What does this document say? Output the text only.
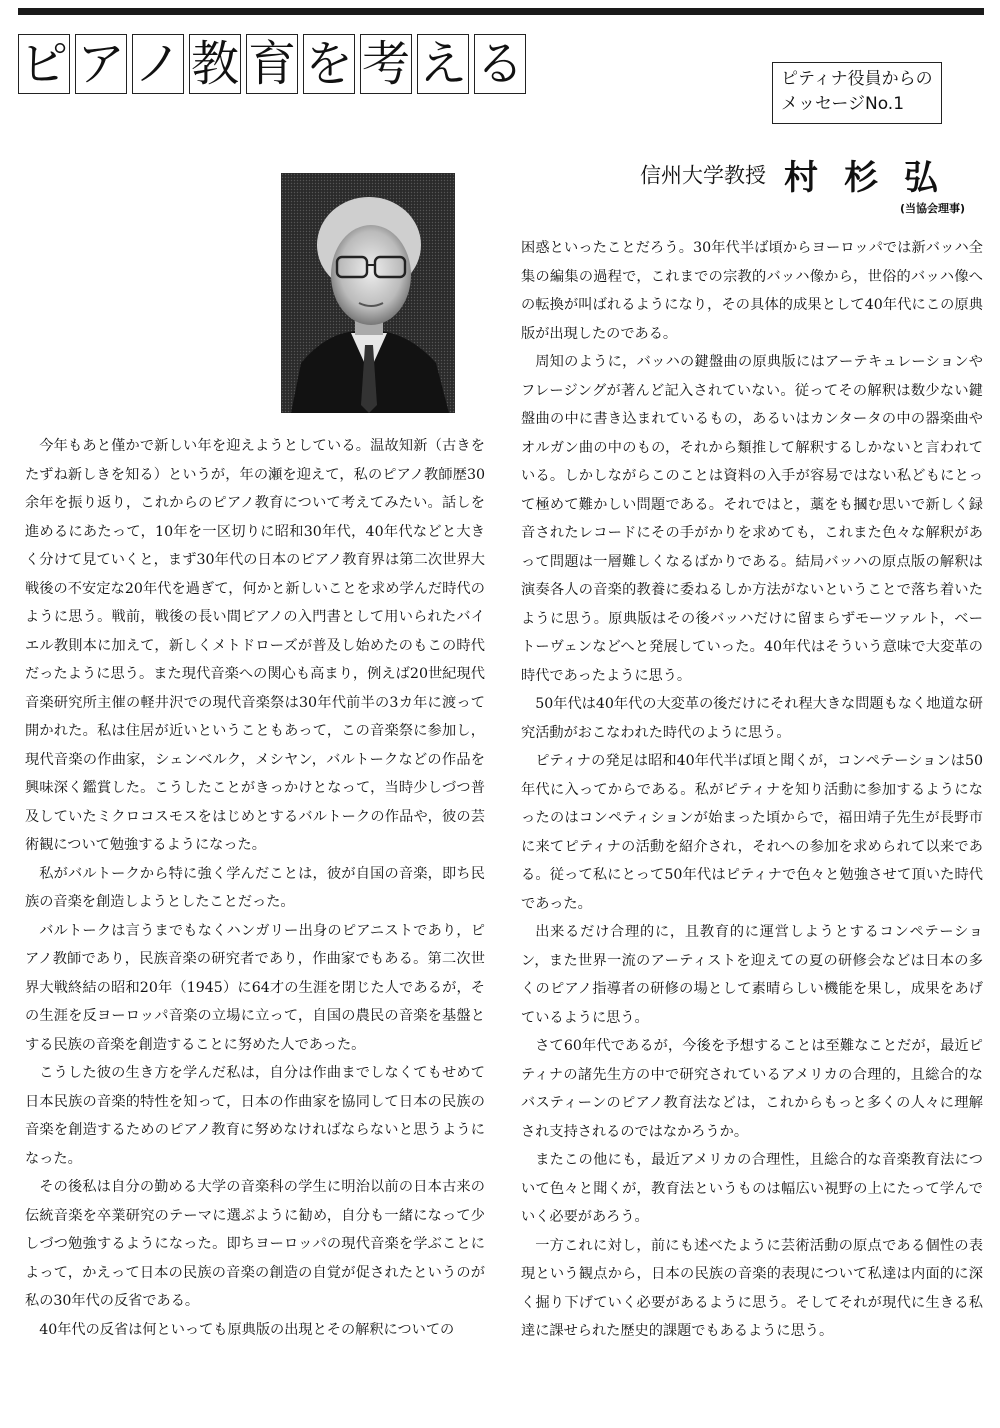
ピ ア ノ 教 育 を 考 え る	ピティナ役員からの
メッセージNo.1
信州大学教授 村杉弘
(当協会理事)

今年もあと僅かで新しい年を迎えようとしている。温故知新（古きをたずね新しきを知る）というが，年の瀬を迎えて，私のピアノ教師歴30余年を振り返り，これからのピアノ教育について考えてみたい。話しを進めるにあたって，10年を一区切りに昭和30年代，40年代などと大きく分けて見ていくと，まず30年代の日本のピアノ教育界は第二次世界大戦後の不安定な20年代を過ぎて，何かと新しいことを求め学んだ時代のように思う。戦前，戦後の長い間ピアノの入門書として用いられたバイエル教則本に加えて，新しくメトドローズが普及し始めたのもこの時代だったように思う。また現代音楽への関心も高まり，例えば20世紀現代音楽研究所主催の軽井沢での現代音楽祭は30年代前半の3カ年に渡って開かれた。私は住居が近いということもあって，この音楽祭に参加し，現代音楽の作曲家，シェンベルク，メシヤン，バルトークなどの作品を興味深く鑑賞した。こうしたことがきっかけとなって，当時少しづつ普及していたミクロコスモスをはじめとするバルトークの作品や，彼の芸術観について勉強するようになった。

私がバルトークから特に強く学んだことは，彼が自国の音楽，即ち民族の音楽を創造しようとしたことだった。

バルトークは言うまでもなくハンガリー出身のピアニストであり，ピアノ教師であり，民族音楽の研究者であり，作曲家でもある。第二次世界大戦終結の昭和20年（1945）に64才の生涯を閉じた人であるが，その生涯を反ヨーロッパ音楽の立場に立って，自国の農民の音楽を基盤とする民族の音楽を創造することに努めた人であった。

こうした彼の生き方を学んだ私は，自分は作曲までしなくてもせめて日本民族の音楽的特性を知って，日本の作曲家を協同して日本の民族の音楽を創造するためのピアノ教育に努めなければならないと思うようになった。

その後私は自分の勤める大学の音楽科の学生に明治以前の日本古来の伝統音楽を卒業研究のテーマに選ぶように勧め，自分も一緒になって少しづつ勉強するようになった。即ちヨーロッパの現代音楽を学ぶことによって，かえって日本の民族の音楽の創造の自覚が促されたというのが私の30年代の反省である。

40年代の反省は何といっても原典版の出現とその解釈についての

困惑といったことだろう。30年代半ば頃からヨーロッパでは新バッハ全集の編集の過程で，これまでの宗教的バッハ像から，世俗的バッハ像への転換が叫ばれるようになり，その具体的成果として40年代にこの原典版が出現したのである。

周知のように，バッハの鍵盤曲の原典版にはアーテキュレーションやフレージングが著んど記入されていない。従ってその解釈は数少ない鍵盤曲の中に書き込まれているもの，あるいはカンタータの中の器楽曲やオルガン曲の中のもの，それから類推して解釈するしかないと言われている。しかしながらこのことは資料の入手が容易ではない私どもにとって極めて難かしい問題である。それではと，藁をも摑む思いで新しく録音されたレコードにその手がかりを求めても，これまた色々な解釈があって問題は一層難しくなるばかりである。結局バッハの原点版の解釈は演奏各人の音楽的教養に委ねるしか方法がないということで落ち着いたように思う。原典版はその後バッハだけに留まらずモーツァルト，ベートーヴェンなどへと発展していった。40年代はそういう意味で大変革の時代であったように思う。

50年代は40年代の大変革の後だけにそれ程大きな問題もなく地道な研究活動がおこなわれた時代のように思う。

ピティナの発足は昭和40年代半ば頃と聞くが，コンペテーションは50年代に入ってからである。私がピティナを知り活動に参加するようになったのはコンペティションが始まった頃からで，福田靖子先生が長野市に来てピティナの活動を紹介され，それへの参加を求められて以来である。従って私にとって50年代はピティナで色々と勉強させて頂いた時代であった。

出来るだけ合理的に，且教育的に運営しようとするコンペテーション，また世界一流のアーティストを迎えての夏の研修会などは日本の多くのピアノ指導者の研修の場として素晴らしい機能を果し，成果をあげているように思う。

さて60年代であるが，今後を予想することは至難なことだが，最近ピティナの諸先生方の中で研究されているアメリカの合理的，且総合的なバスティーンのピアノ教育法などは，これからもっと多くの人々に理解され支持されるのではなかろうか。

またこの他にも，最近アメリカの合理性，且総合的な音楽教育法について色々と聞くが，教育法というものは幅広い視野の上にたって学んでいく必要があろう。

一方これに対し，前にも述べたように芸術活動の原点である個性の表現という観点から，日本の民族の音楽的表現について私達は内面的に深く掘り下げていく必要があるように思う。そしてそれが現代に生きる私達に課せられた歴史的課題でもあるように思う。
